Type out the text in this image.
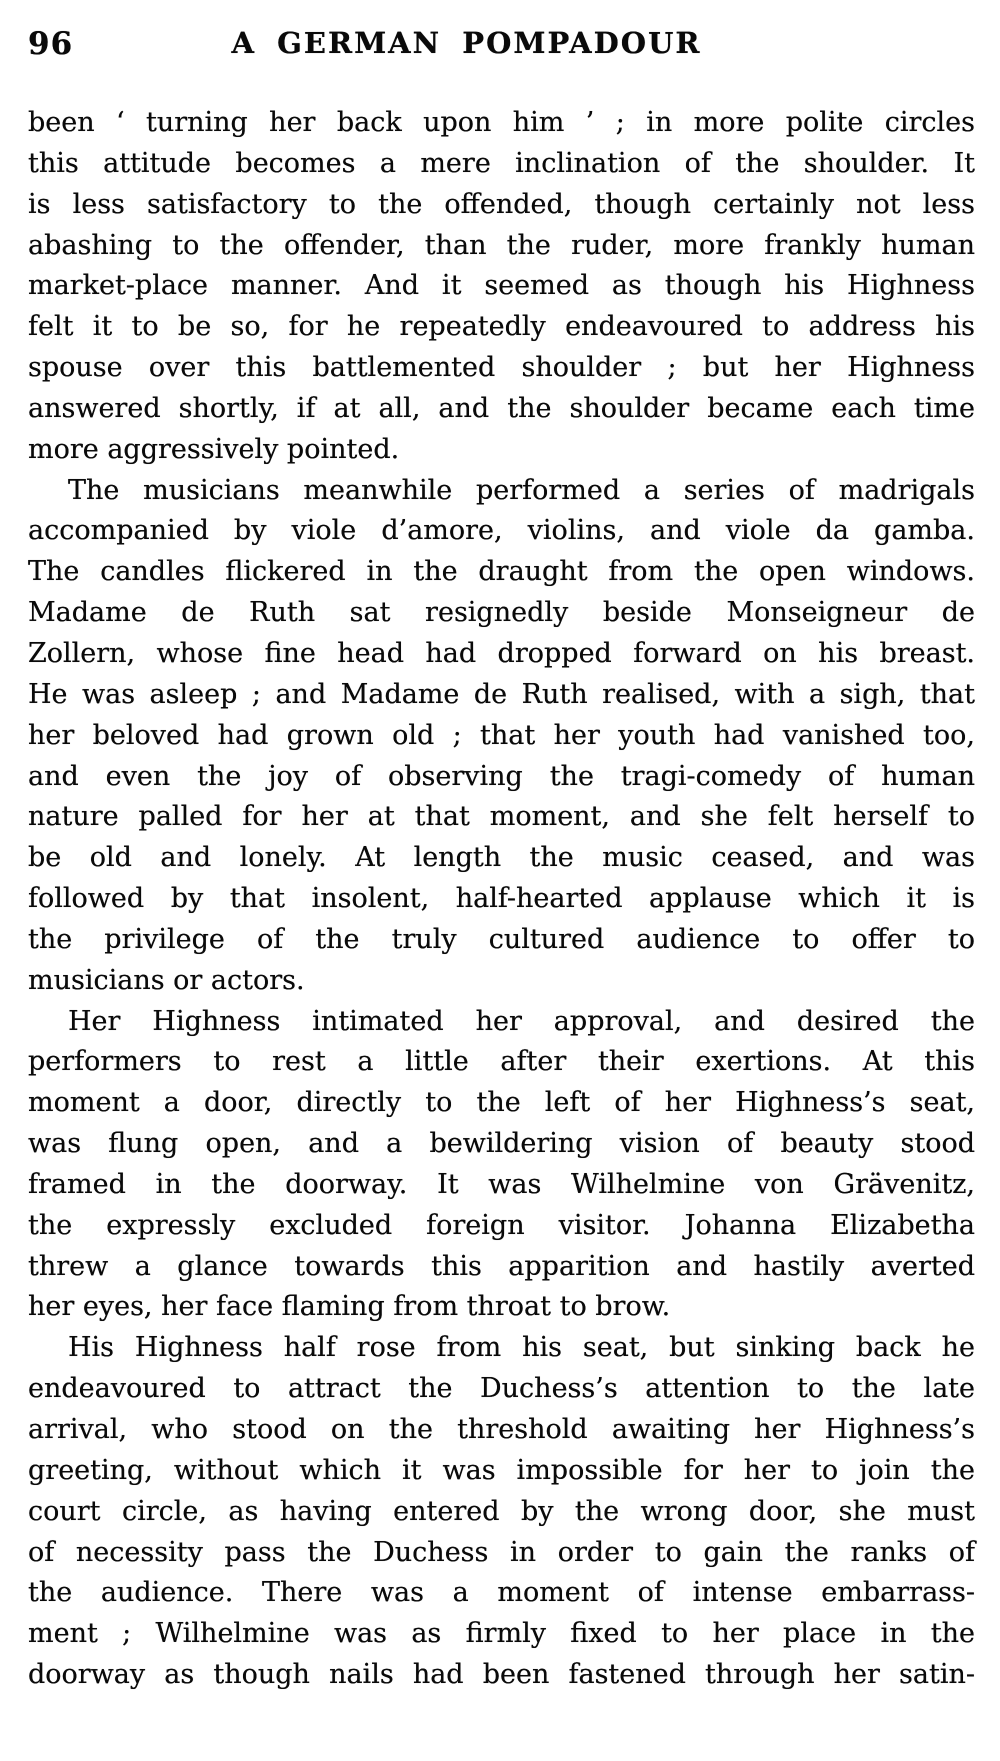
96	A GERMAN POMPADOUR
been ‘ turning her back upon him ’ ; in more polite circles
this attitude becomes a mere inclination of the shoulder. It
is less satisfactory to the offended, though certainly not less
abashing to the offender, than the ruder, more frankly human
market-place manner. And it seemed as though his Highness
felt it to be so, for he repeatedly endeavoured to address his
spouse over this battlemented shoulder ; but her Highness
answered shortly, if at all, and the shoulder became each time
more aggressively pointed.
The musicians meanwhile performed a series of madrigals
accompanied by viole d’amore, violins, and viole da gamba.
The candles flickered in the draught from the open windows.
Madame de Ruth sat resignedly beside Monseigneur de
Zollern, whose fine head had dropped forward on his breast.
He was asleep ; and Madame de Ruth realised, with a sigh, that
her beloved had grown old ; that her youth had vanished too,
and even the joy of observing the tragi-comedy of human
nature palled for her at that moment, and she felt herself to
be old and lonely. At length the music ceased, and was
followed by that insolent, half-hearted applause which it is
the privilege of the truly cultured audience to offer to
musicians or actors.
Her Highness intimated her approval, and desired the
performers to rest a little after their exertions. At this
moment a door, directly to the left of her Highness’s seat,
was flung open, and a bewildering vision of beauty stood
framed in the doorway. It was Wilhelmine von Grävenitz,
the expressly excluded foreign visitor. Johanna Elizabetha
threw a glance towards this apparition and hastily averted
her eyes, her face flaming from throat to brow.
His Highness half rose from his seat, but sinking back he
endeavoured to attract the Duchess’s attention to the late
arrival, who stood on the threshold awaiting her Highness’s
greeting, without which it was impossible for her to join the
court circle, as having entered by the wrong door, she must
of necessity pass the Duchess in order to gain the ranks of
the audience. There was a moment of intense embarrass-
ment ; Wilhelmine was as firmly fixed to her place in the
doorway as though nails had been fastened through her satin-
